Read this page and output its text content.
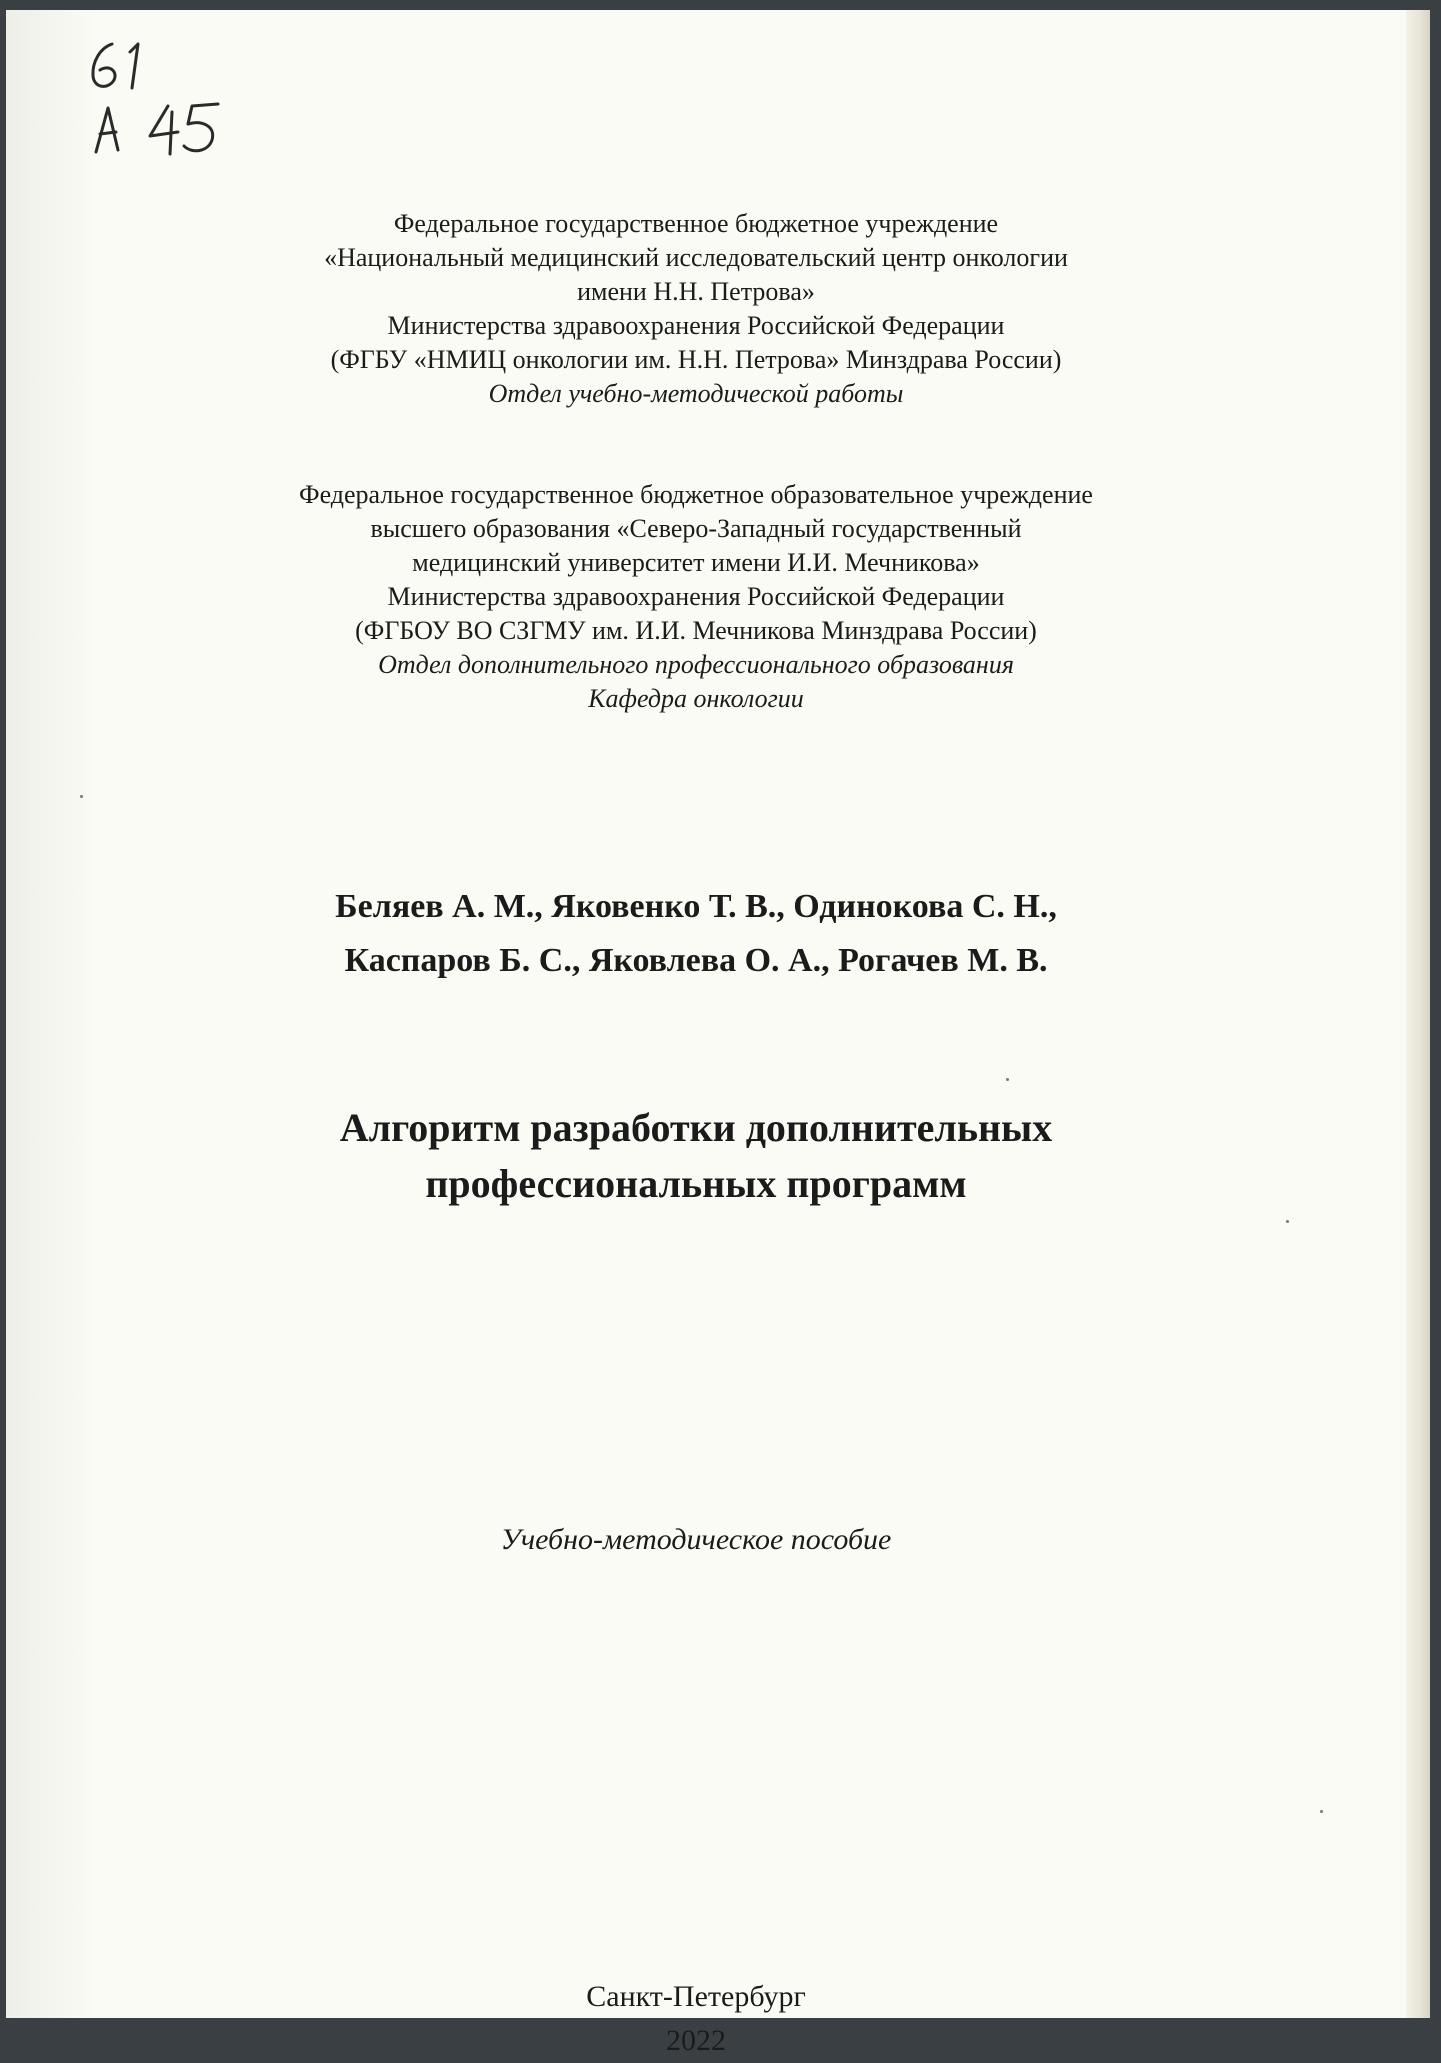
Федеральное государственное бюджетное учреждение
«Национальный медицинский исследовательский центр онкологии
имени Н.Н. Петрова»
Министерства здравоохранения Российской Федерации
(ФГБУ «НМИЦ онкологии им. Н.Н. Петрова» Минздрава России)
Отдел учебно-методической работы
Федеральное государственное бюджетное образовательное учреждение
высшего образования «Северо-Западный государственный
медицинский университет имени И.И. Мечникова»
Министерства здравоохранения Российской Федерации
(ФГБОУ ВО СЗГМУ им. И.И. Мечникова Минздрава России)
Отдел дополнительного профессионального образования
Кафедра онкологии
Беляев А. М., Яковенко Т. В., Одинокова С. Н.,
Каспаров Б. С., Яковлева О. А., Рогачев М. В.
Алгоритм разработки дополнительных
профессиональных программ
Учебно-методическое пособие
Санкт-Петербург
2022
